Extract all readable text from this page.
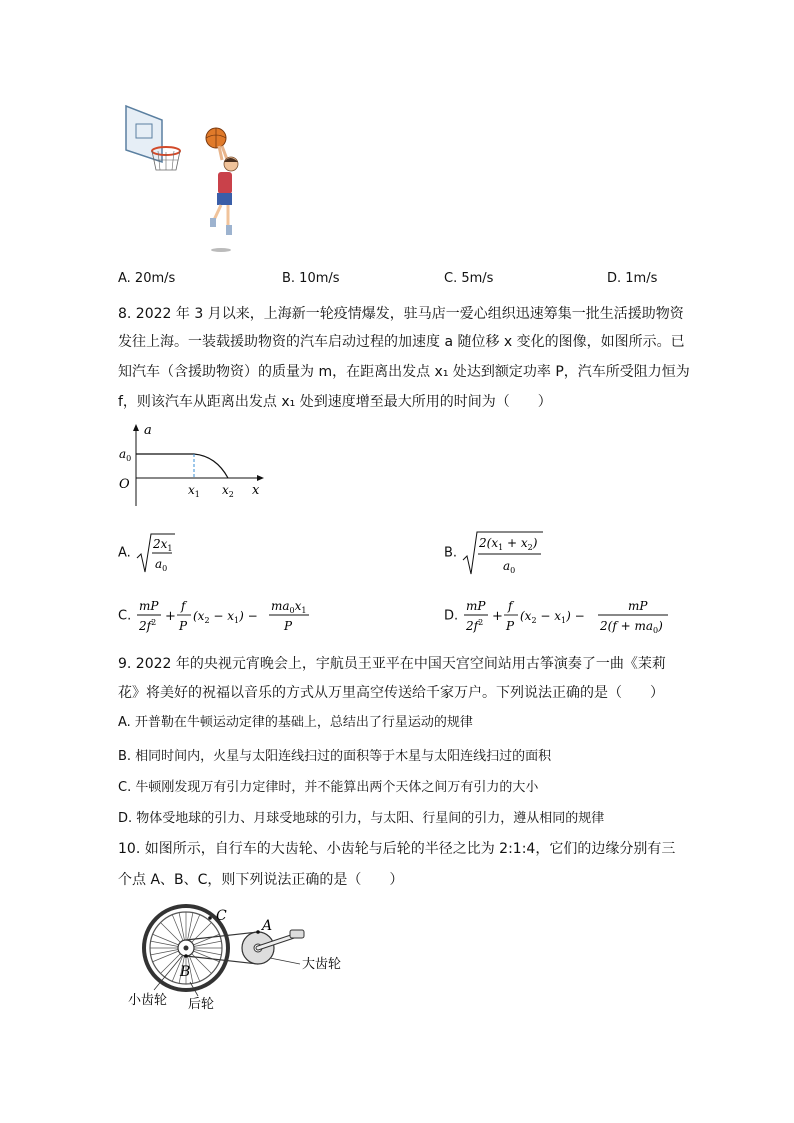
A. 20m/s	B. 10m/s	C. 5m/s	D. 1m/s
8. 2022 年 3 月以来，上海新一轮疫情爆发，驻马店一爱心组织迅速筹集一批生活援助物资
发往上海。一装载援助物资的汽车启动过程的加速度 a 随位移 x 变化的图像，如图所示。已
知汽车（含援助物资）的质量为 m，在距离出发点 x₁ 处达到额定功率 P，汽车所受阻力恒为
f，则该汽车从距离出发点 x₁ 处到速度增至最大所用的时间为（　　）
a
x
O
$a_0$
$x_1$ $x_2$
A.
$2x_1$
$a_0$
B.
$2(x_1 + x_2)$
$a_0$
C.
mP
$2f^2$ +
f
P
$(x_2 - x_1)$ −
$ma_0x_1$
P
D.
mP
$2f^2$ +
f
P
$(x_2 - x_1)$ −
mP
$2(f + ma_0)$
9. 2022 年的央视元宵晚会上，宇航员王亚平在中国天宫空间站用古筝演奏了一曲《茉莉
花》将美好的祝福以音乐的方式从万里高空传送给千家万户。下列说法正确的是（　　）
A. 开普勒在牛顿运动定律的基础上，总结出了行星运动的规律
B. 相同时间内，火星与太阳连线扫过的面积等于木星与太阳连线扫过的面积
C. 牛顿刚发现万有引力定律时，并不能算出两个天体之间万有引力的大小
D. 物体受地球的引力、月球受地球的引力，与太阳、行星间的引力，遵从相同的规律
10. 如图所示，自行车的大齿轮、小齿轮与后轮的半径之比为 2:1:4，它们的边缘分别有三
个点 A、B、C，则下列说法正确的是（　　）
C
A
B	大齿轮
小齿轮 后轮
